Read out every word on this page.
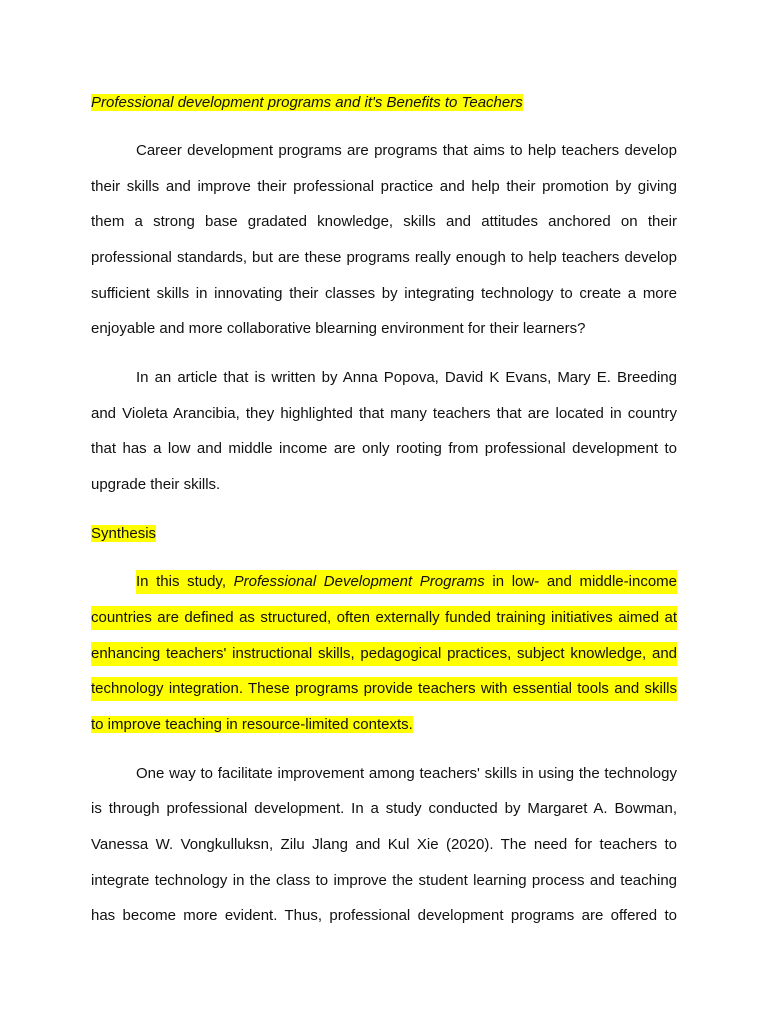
Professional development programs and it's Benefits to Teachers
Career development programs are programs that aims to help teachers develop
their skills and improve their professional practice and help their promotion by giving
them a strong base gradated knowledge, skills and attitudes anchored on their
professional standards, but are these programs really enough to help teachers develop
sufficient skills in innovating their classes by integrating technology to create a more
enjoyable and more collaborative blearning environment for their learners?
In an article that is written by Anna Popova, David K Evans, Mary E. Breeding
and Violeta Arancibia, they highlighted that many teachers that are located in country
that has a low and middle income are only rooting from professional development to
upgrade their skills.
Synthesis
In this study, Professional Development Programs in low- and middle-income
countries are defined as structured, often externally funded training initiatives aimed at
enhancing teachers' instructional skills, pedagogical practices, subject knowledge, and
technology integration. These programs provide teachers with essential tools and skills
to improve teaching in resource-limited contexts.
One way to facilitate improvement among teachers' skills in using the technology
is through professional development. In a study conducted by Margaret A. Bowman,
Vanessa W. Vongkulluksn, Zilu Jlang and Kul Xie (2020). The need for teachers to
integrate technology in the class to improve the student learning process and teaching
has become more evident. Thus, professional development programs are offered to
